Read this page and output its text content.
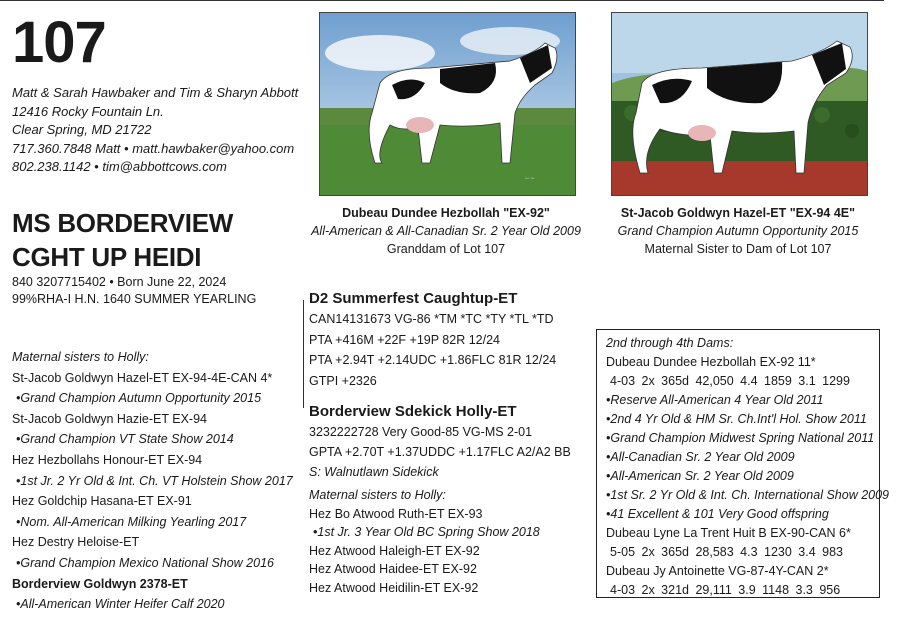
107
Matt & Sarah Hawbaker and Tim & Sharyn Abbott
12416 Rocky Fountain Ln.
Clear Spring, MD 21722
717.360.7848 Matt • matt.hawbaker@yahoo.com
802.238.1142 • tim@abbottcows.com
MS BORDERVIEW
CGHT UP HEIDI
840 3207715402 • Born June 22, 2024
99%RHA-I H.N. 1640 SUMMER YEARLING
Maternal sisters to Holly:
St-Jacob Goldwyn Hazel-ET EX-94-4E-CAN 4*
•Grand Champion Autumn Opportunity 2015
St-Jacob Goldwyn Hazie-ET EX-94
•Grand Champion VT State Show 2014
Hez Hezbollahs Honour-ET EX-94
•1st Jr. 2 Yr Old & Int. Ch. VT Holstein Show 2017
Hez Goldchip Hasana-ET EX-91
•Nom. All-American Milking Yearling 2017
Hez Destry Heloise-ET
•Grand Champion Mexico National Show 2016
Borderview Goldwyn 2378-ET
•All-American Winter Heifer Calf 2020
~ ~
Dubeau Dundee Hezbollah "EX-92"
All-American & All-Canadian Sr. 2 Year Old 2009
Granddam of Lot 107
St-Jacob Goldwyn Hazel-ET "EX-94 4E"
Grand Champion Autumn Opportunity 2015
Maternal Sister to Dam of Lot 107
D2 Summerfest Caughtup-ET
CAN14131673 VG-86 *TM *TC *TY *TL *TD
PTA +416M +22F +19P 82R 12/24
PTA +2.94T +2.14UDC +1.86FLC 81R 12/24
GTPI +2326
Borderview Sdekick Holly-ET
3232222728 Very Good-85 VG-MS 2-01
GPTA +2.70T +1.37UDDC +1.17FLC A2/A2 BB
S: Walnutlawn Sidekick
Maternal sisters to Holly:
Hez Bo Atwood Ruth-ET EX-93
•1st Jr. 3 Year Old BC Spring Show 2018
Hez Atwood Haleigh-ET EX-92
Hez Atwood Haidee-ET EX-92
Hez Atwood Heidilin-ET EX-92
2nd through 4th Dams:
Dubeau Dundee Hezbollah EX-92 11*
4-03 2x 365d 42,050 4.4 1859 3.1 1299
•Reserve All-American 4 Year Old 2011
•2nd 4 Yr Old & HM Sr. Ch.Int'l Hol. Show 2011
•Grand Champion Midwest Spring National 2011
•All-Canadian Sr. 2 Year Old 2009
•All-American Sr. 2 Year Old 2009
•1st Sr. 2 Yr Old & Int. Ch. International Show 2009
•41 Excellent & 101 Very Good offspring
Dubeau Lyne La Trent Huit B EX-90-CAN 6*
5-05 2x 365d 28,583 4.3 1230 3.4 983
Dubeau Jy Antoinette VG-87-4Y-CAN 2*
4-03 2x 321d 29,111 3.9 1148 3.3 956
